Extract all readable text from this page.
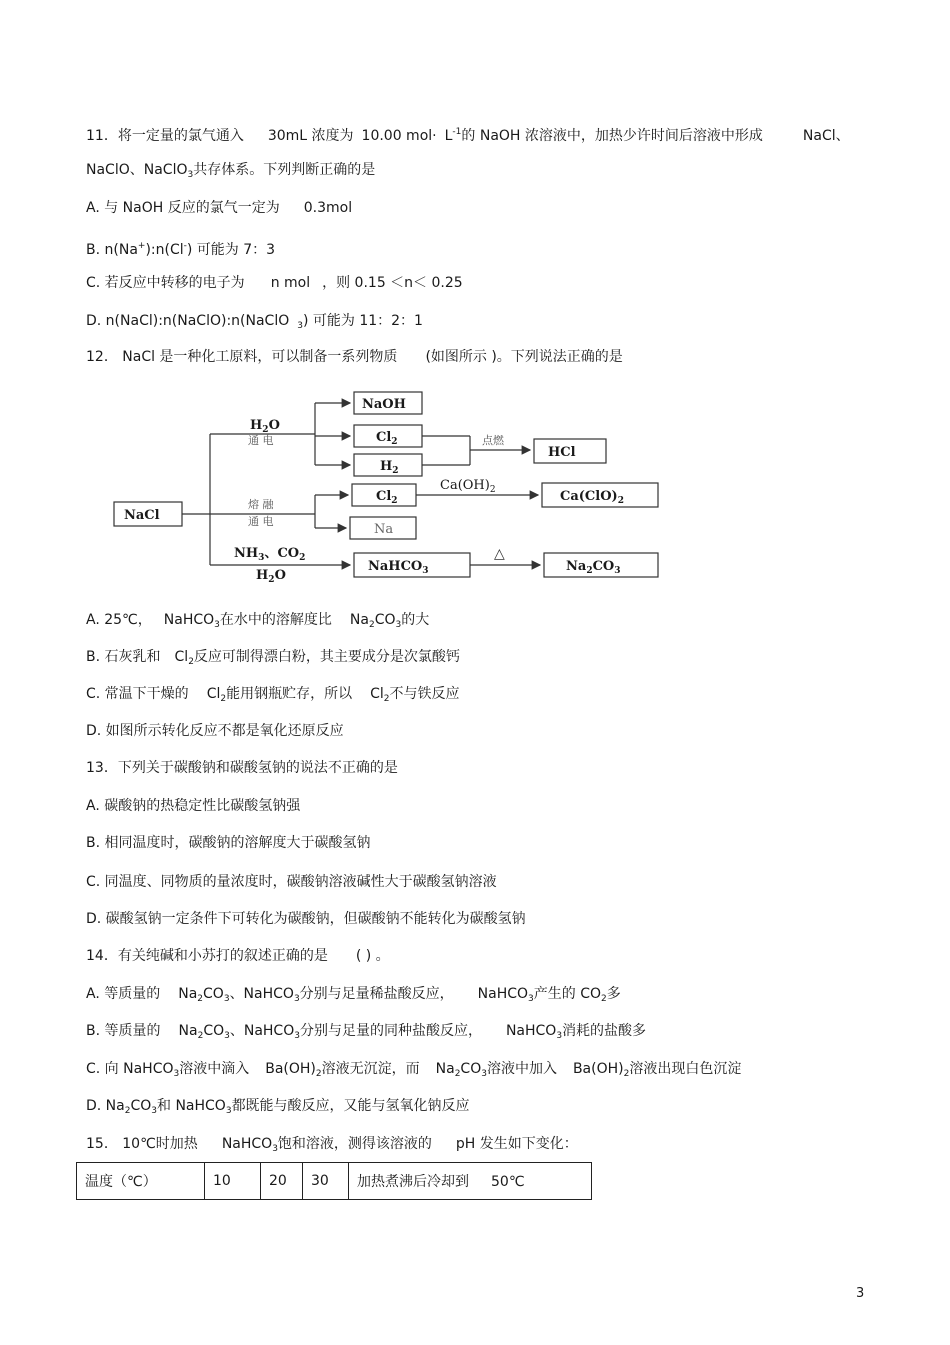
11．将一定量的氯气通入 30mL 浓度为 10.00 $mol\cdot L^{-1}$的 NaOH 浓溶液中，加热少许时间后溶液中形成	NaCl、
NaClO、NaClO$_3$共存体系。下列判断正确的是
A. 与 NaOH 反应的氯气一定为 0.3mol
B. n(Na+):n(Cl-) 可能为 7：3
C. 若反应中转移的电子为 n mol ，则 0.15 ＜n＜ 0.25
D. n(NaCl):n(NaClO):n(NaClO $_3$) 可能为 11：2：1
12． NaCl 是一种化工原料，可以制备一系列物质 (如图所示 )。下列说法正确的是
NaCl
$H_2O$
NaOH
$Cl_2$
$H_2$
HCl
$Cl_2$
$Ca(OH)_2$	$Ca(ClO)_2$
Na
$NH_3$、$CO_2$
$H_2O$
NaHCO$_3$	$Na_2CO_3$
通 电	点燃
熔 融
通 电
△
A. 25℃， NaHCO$_3$在水中的溶解度比 $Na_2CO_3$的大
B. 石灰乳和 $Cl_2$反应可制得漂白粉，其主要成分是次氯酸钙
C. 常温下干燥的 $Cl_2$能用钢瓶贮存，所以 $Cl_2$不与铁反应
D. 如图所示转化反应不都是氧化还原反应
13．下列关于碳酸钠和碳酸氢钠的说法不正确的是
A. 碳酸钠的热稳定性比碳酸氢钠强
B. 相同温度时，碳酸钠的溶解度大于碳酸氢钠
C. 同温度、同物质的量浓度时，碳酸钠溶液碱性大于碳酸氢钠溶液
D. 碳酸氢钠一定条件下可转化为碳酸钠，但碳酸钠不能转化为碳酸氢钠
14．有关纯碱和小苏打的叙述正确的是 ( ) 。
A. 等质量的 $Na_2CO_3$、NaHCO$_3$分别与足量稀盐酸反应， NaHCO$_3$产生的 $CO_2$多
B. 等质量的 $Na_2CO_3$、NaHCO$_3$分别与足量的同种盐酸反应， NaHCO$_3$消耗的盐酸多
C. 向 NaHCO$_3$溶液中滴入 $Ba(OH)_2$溶液无沉淀，而 $Na_2CO_3$溶液中加入 $Ba(OH)_2$溶液出现白色沉淀
D. $Na_2CO_3$和 NaHCO$_3$都既能与酸反应，又能与氢氧化钠反应
15． 10℃时加热 NaHCO$_3$饱和溶液，测得该溶液的 pH 发生如下变化：
温度（℃）	10	20	30	加热煮沸后冷却到 50℃
3
